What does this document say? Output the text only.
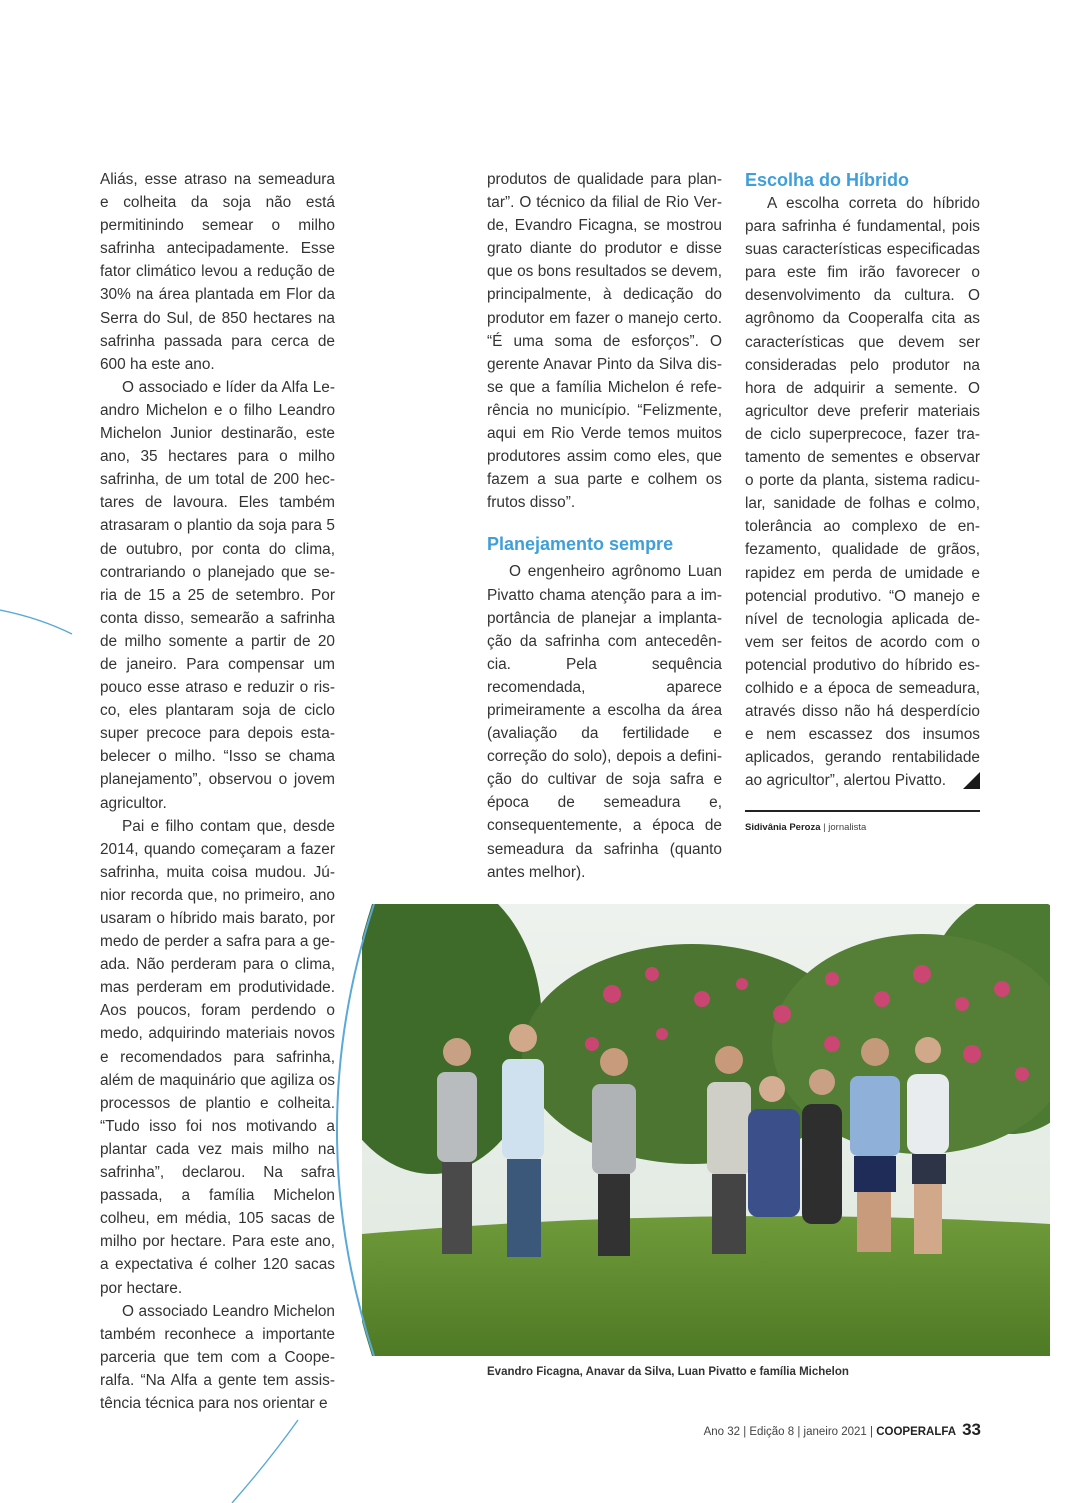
Aliás, esse atraso na semeadura e colheita da soja não está permitinindo semear o milho safrinha antecipadamente. Esse fator climático levou a redução de 30% na área plantada em Flor da Serra do Sul, de 850 hectares na safrinha passada para cerca de 600 ha este ano.

O associado e líder da Alfa Leandro Michelon e o filho Leandro Michelon Junior destinarão, este ano, 35 hectares para o milho safrinha, de um total de 200 hectares de lavoura. Eles também atrasaram o plantio da soja para 5 de outubro, por conta do clima, contrariando o planejado que seria de 15 a 25 de setembro. Por conta disso, semearão a safrinha de milho somente a partir de 20 de janeiro. Para compensar um pouco esse atraso e reduzir o risco, eles plantaram soja de ciclo super precoce para depois estabelecer o milho. “Isso se chama planejamento”, observou o jovem agricultor.

Pai e filho contam que, desde 2014, quando começaram a fazer safrinha, muita coisa mudou. Júnior recorda que, no primeiro, ano usaram o híbrido mais barato, por medo de perder a safra para a geada. Não perderam para o clima, mas perderam em produtividade. Aos poucos, foram perdendo o medo, adquirindo materiais novos e recomendados para safrinha, além de maquinário que agiliza os processos de plantio e colheita. “Tudo isso foi nos motivando a plantar cada vez mais milho na safrinha”, declarou. Na safra passada, a família Michelon colheu, em média, 105 sacas de milho por hectare. Para este ano, a expectativa é colher 120 sacas por hectare.

O associado Leandro Michelon também reconhece a importante parceria que tem com a Cooperalfa. “Na Alfa a gente tem assistência técnica para nos orientar e

produtos de qualidade para plantar”. O técnico da filial de Rio Verde, Evandro Ficagna, se mostrou grato diante do produtor e disse que os bons resultados se devem, principalmente, à dedicação do produtor em fazer o manejo certo. “É uma soma de esforços”. O gerente Anavar Pinto da Silva disse que a família Michelon é referência no município. “Felizmente, aqui em Rio Verde temos muitos produtores assim como eles, que fazem a sua parte e colhem os frutos disso”.

Planejamento sempre

O engenheiro agrônomo Luan Pivatto chama atenção para a importância de planejar a implantação da safrinha com antecedência. Pela sequência recomendada, aparece primeiramente a escolha da área (avaliação da fertilidade e correção do solo), depois a definição do cultivar de soja safra e época de semeadura e, consequentemente, a época de semeadura da safrinha (quanto antes melhor).

Escolha do Híbrido

A escolha correta do híbrido para safrinha é fundamental, pois suas características especificadas para este fim irão favorecer o desenvolvimento da cultura. O agrônomo da Cooperalfa cita as características que devem ser consideradas pelo produtor na hora de adquirir a semente. O agricultor deve preferir materiais de ciclo superprecoce, fazer tratamento de sementes e observar o porte da planta, sistema radicular, sanidade de folhas e colmo, tolerância ao complexo de enfezamento, qualidade de grãos, rapidez em perda de umidade e potencial produtivo. “O manejo e nível de tecnologia aplicada devem ser feitos de acordo com o potencial produtivo do híbrido escolhido e a época de semeadura, através disso não há desperdício e nem escassez dos insumos aplicados, gerando rentabilidade ao agricultor”, alertou Pivatto.

Sidivânia Peroza | jornalista
Evandro Ficagna, Anavar da Silva, Luan Pivatto e família Michelon
Ano 32 | Edição 8 | janeiro 2021 | COOPERALFA 33
